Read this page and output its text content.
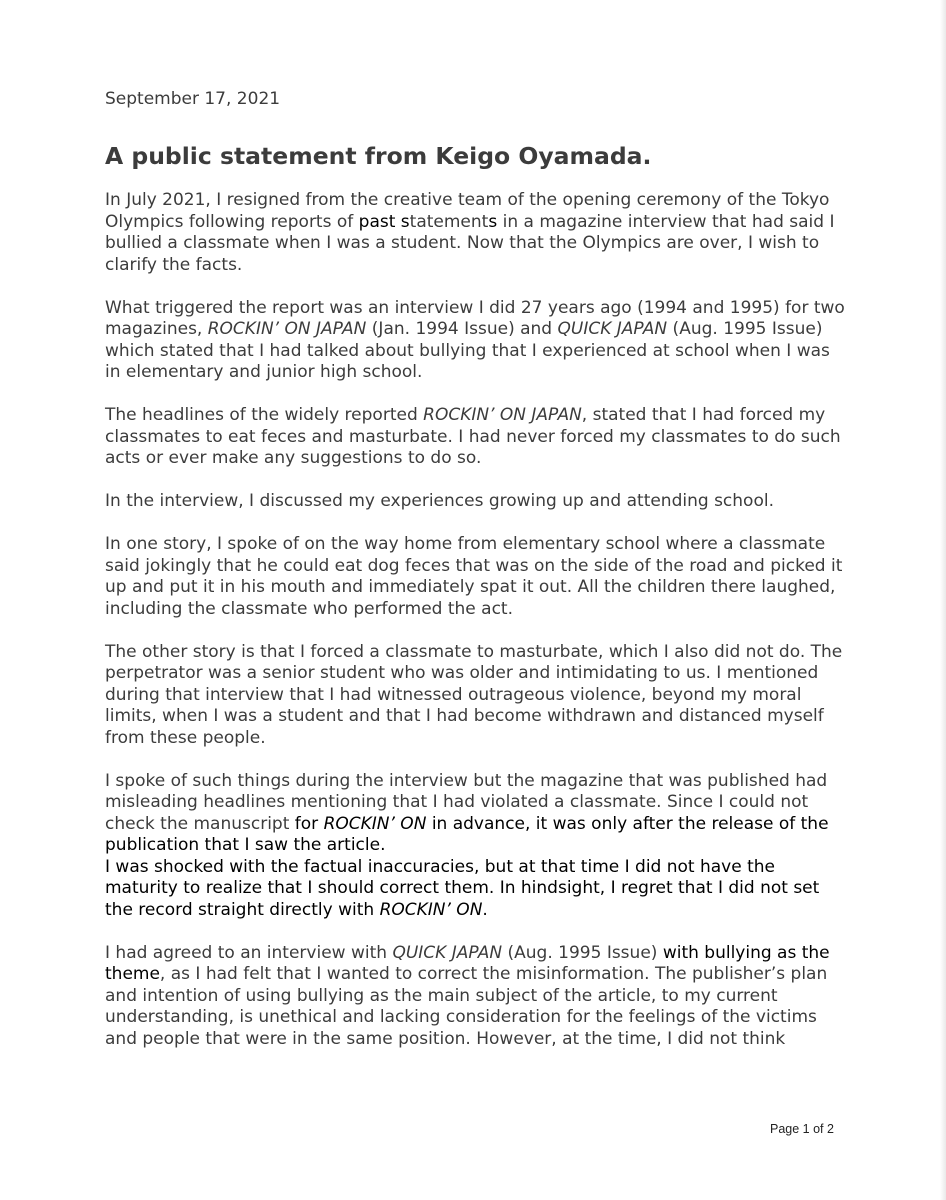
September 17, 2021

A public statement from Keigo Oyamada.

In July 2021, I resigned from the creative team of the opening ceremony of the Tokyo Olympics following reports of past statements in a magazine interview that had said I bullied a classmate when I was a student. Now that the Olympics are over, I wish to clarify the facts.

What triggered the report was an interview I did 27 years ago (1994 and 1995) for two magazines, ROCKIN’ ON JAPAN (Jan. 1994 Issue) and QUICK JAPAN (Aug. 1995 Issue) which stated that I had talked about bullying that I experienced at school when I was in elementary and junior high school.

The headlines of the widely reported ROCKIN’ ON JAPAN, stated that I had forced my classmates to eat feces and masturbate. I had never forced my classmates to do such acts or ever make any suggestions to do so.

In the interview, I discussed my experiences growing up and attending school.

In one story, I spoke of on the way home from elementary school where a classmate said jokingly that he could eat dog feces that was on the side of the road and picked it up and put it in his mouth and immediately spat it out. All the children there laughed, including the classmate who performed the act.

The other story is that I forced a classmate to masturbate, which I also did not do. The perpetrator was a senior student who was older and intimidating to us. I mentioned during that interview that I had witnessed outrageous violence, beyond my moral limits, when I was a student and that I had become withdrawn and distanced myself from these people.

I spoke of such things during the interview but the magazine that was published had misleading headlines mentioning that I had violated a classmate. Since I could not check the manuscript for ROCKIN’ ON in advance, it was only after the release of the publication that I saw the article.

I was shocked with the factual inaccuracies, but at that time I did not have the maturity to realize that I should correct them. In hindsight, I regret that I did not set the record straight directly with ROCKIN’ ON.

I had agreed to an interview with QUICK JAPAN (Aug. 1995 Issue) with bullying as the theme, as I had felt that I wanted to correct the misinformation. The publisher’s plan and intention of using bullying as the main subject of the article, to my current understanding, is unethical and lacking consideration for the feelings of the victims and people that were in the same position. However, at the time, I did not think

Page 1 of 2
